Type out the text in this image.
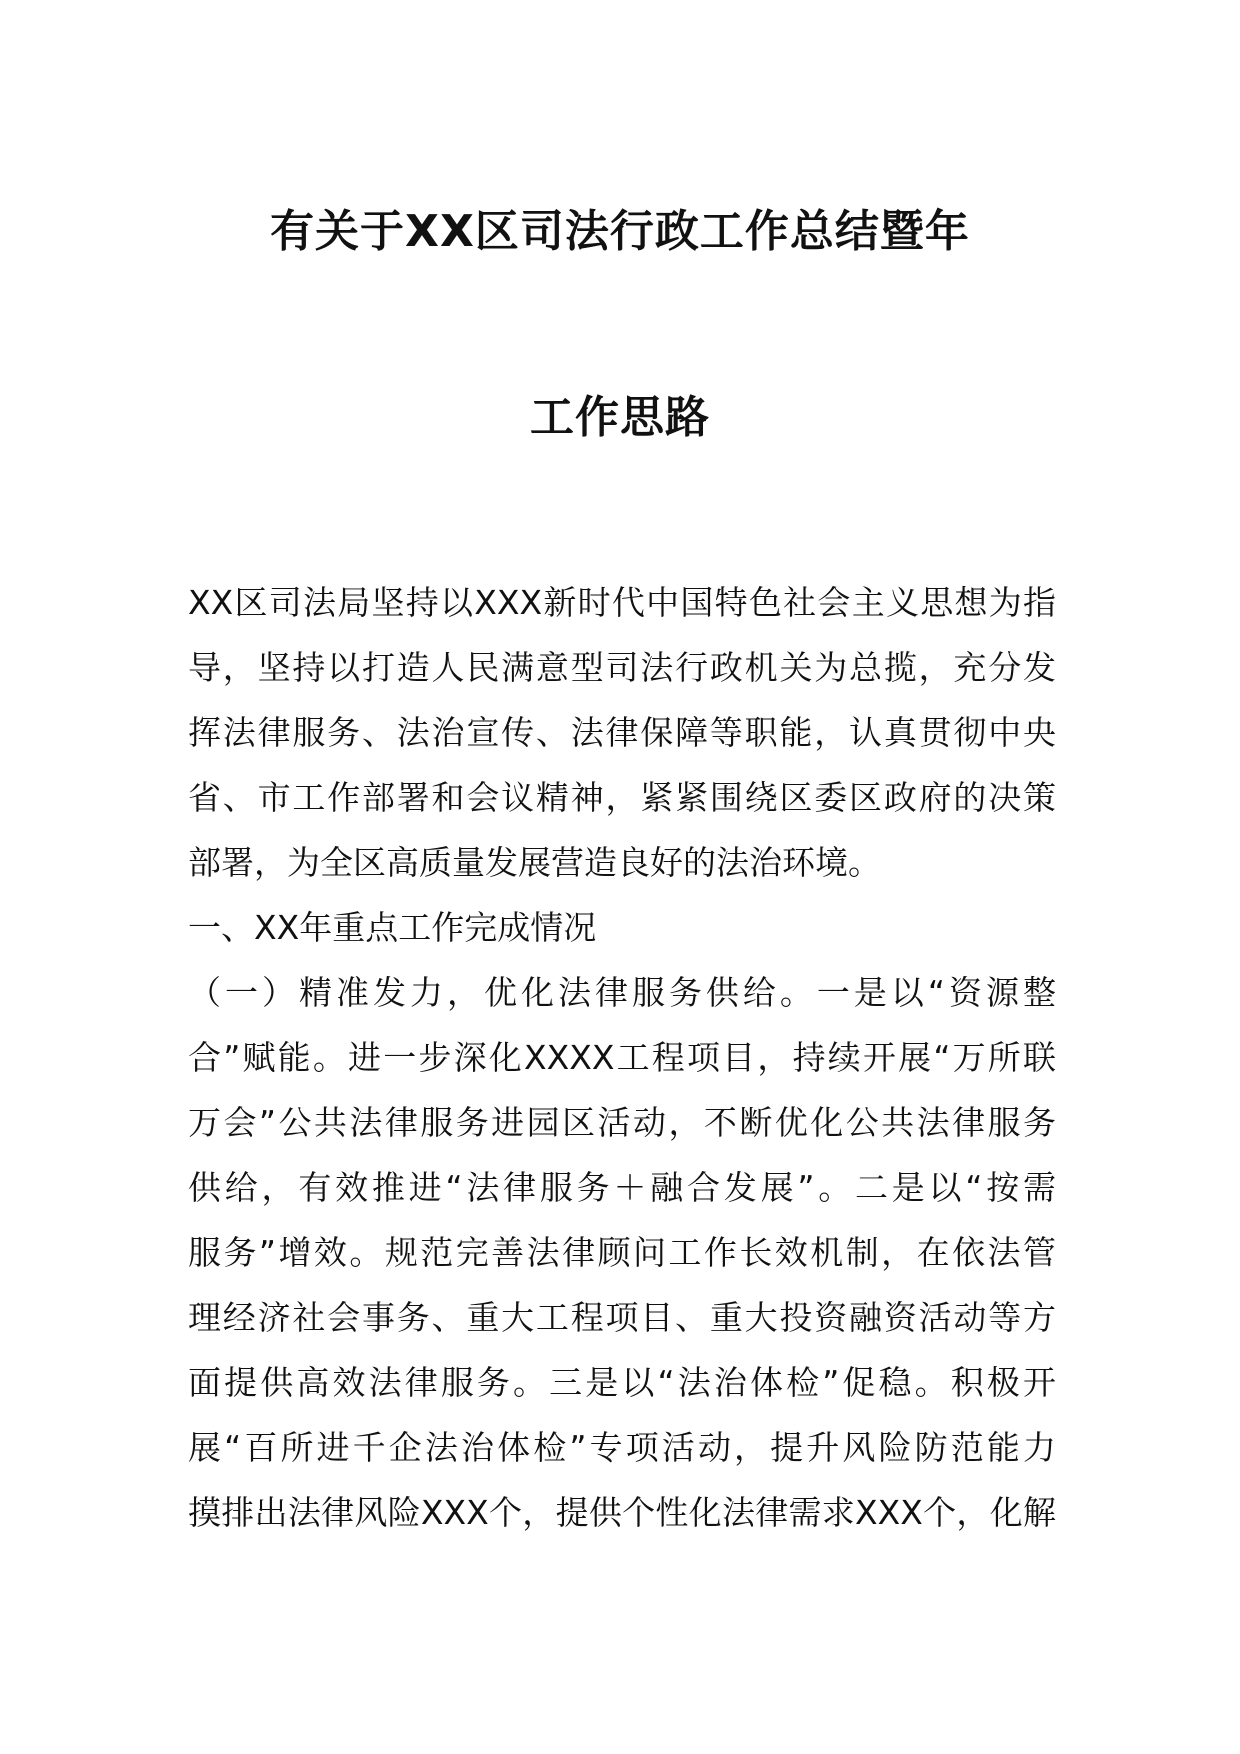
有关于XX区司法行政工作总结暨年
工作思路
XX区司法局坚持以XXX新时代中国特色社会主义思想为指
导，坚持以打造人民满意型司法行政机关为总揽，充分发
挥法律服务、法治宣传、法律保障等职能，认真贯彻中央
省、市工作部署和会议精神，紧紧围绕区委区政府的决策
部署，为全区高质量发展营造良好的法治环境。
一、XX年重点工作完成情况
（一）精准发力，优化法律服务供给。一是以“资源整
合”赋能。进一步深化XXXX工程项目，持续开展“万所联
万会”公共法律服务进园区活动，不断优化公共法律服务
供给，有效推进“法律服务＋融合发展”。二是以“按需
服务”增效。规范完善法律顾问工作长效机制，在依法管
理经济社会事务、重大工程项目、重大投资融资活动等方
面提供高效法律服务。三是以“法治体检”促稳。积极开
展“百所进千企法治体检”专项活动，提升风险防范能力
摸排出法律风险XXX个，提供个性化法律需求XXX个，化解
